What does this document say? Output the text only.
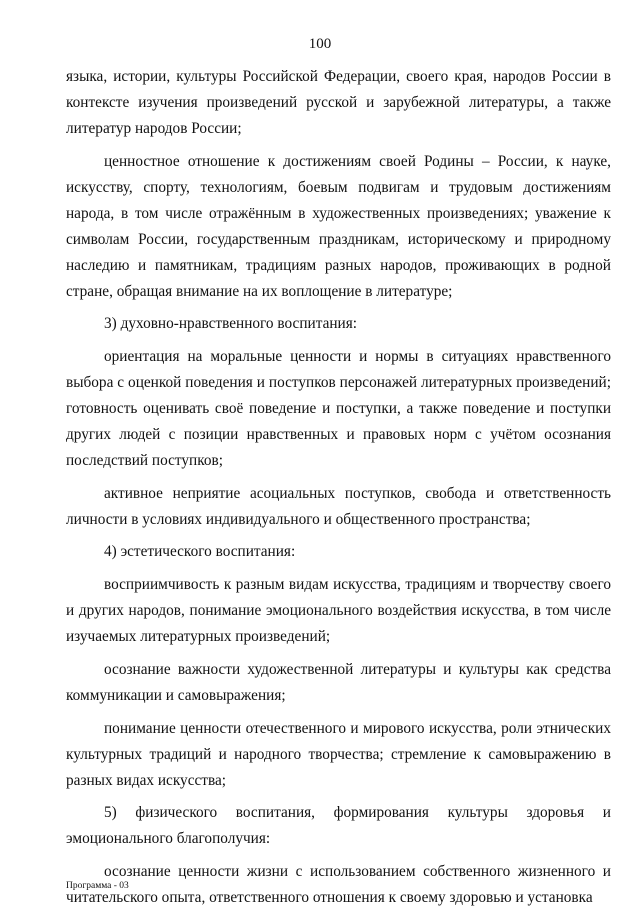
100

языка, истории, культуры Российской Федерации, своего края, народов России в контексте изучения произведений русской и зарубежной литературы, а также литератур народов России;

ценностное отношение к достижениям своей Родины – России, к науке, искусству, спорту, технологиям, боевым подвигам и трудовым достижениям народа, в том числе отражённым в художественных произведениях; уважение к символам России, государственным праздникам, историческому и природному наследию и памятникам, традициям разных народов, проживающих в родной стране, обращая внимание на их воплощение в литературе;

3) духовно-нравственного воспитания:

ориентация на моральные ценности и нормы в ситуациях нравственного выбора с оценкой поведения и поступков персонажей литературных произведений; готовность оценивать своё поведение и поступки, а также поведение и поступки других людей с позиции нравственных и правовых норм с учётом осознания последствий поступков;

активное неприятие асоциальных поступков, свобода и ответственность личности в условиях индивидуального и общественного пространства;

4) эстетического воспитания:

восприимчивость к разным видам искусства, традициям и творчеству своего и других народов, понимание эмоционального воздействия искусства, в том числе изучаемых литературных произведений;

осознание важности художественной литературы и культуры как средства коммуникации и самовыражения;

понимание ценности отечественного и мирового искусства, роли этнических культурных традиций и народного творчества; стремление к самовыражению в разных видах искусства;

5) физического воспитания, формирования культуры здоровья и эмоционального благополучия:

осознание ценности жизни с использованием собственного жизненного и читательского опыта, ответственного отношения к своему здоровью и установка

Программа - 03
